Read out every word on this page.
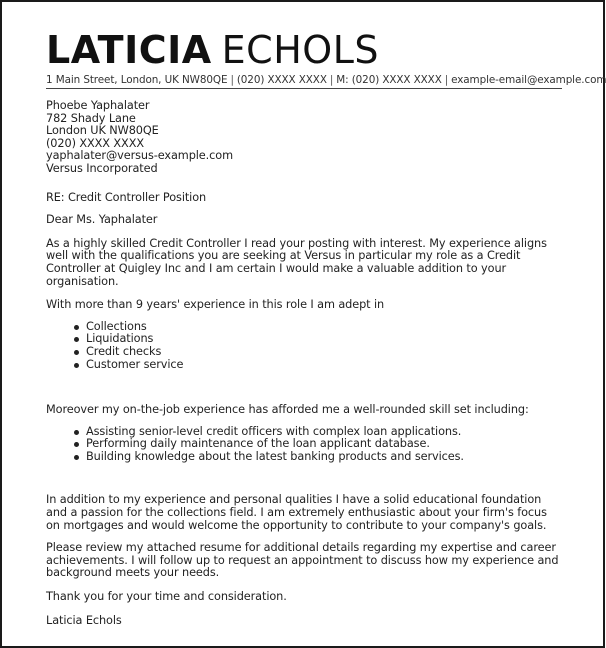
LATICIA ECHOLS
1 Main Street, London, UK NW80QE | (020) XXXX XXXX | M: (020) XXXX XXXX | example-email@example.com
Phoebe Yaphalater
782 Shady Lane
London UK NW80QE
(020) XXXX XXXX
yaphalater@versus-example.com
Versus Incorporated

RE: Credit Controller Position

Dear Ms. Yaphalater

As a highly skilled Credit Controller I read your posting with interest. My experience aligns well with the qualifications you are seeking at Versus in particular my role as a Credit Controller at Quigley Inc and I am certain I would make a valuable addition to your organisation.

With more than 9 years' experience in this role I am adept in

Collections
Liquidations
Credit checks
Customer service

Moreover my on-the-job experience has afforded me a well-rounded skill set including:

Assisting senior-level credit officers with complex loan applications.
Performing daily maintenance of the loan applicant database.
Building knowledge about the latest banking products and services.

In addition to my experience and personal qualities I have a solid educational foundation and a passion for the collections field. I am extremely enthusiastic about your firm's focus on mortgages and would welcome the opportunity to contribute to your company's goals.

Please review my attached resume for additional details regarding my expertise and career achievements. I will follow up to request an appointment to discuss how my experience and background meets your needs.

Thank you for your time and consideration.

Laticia Echols
